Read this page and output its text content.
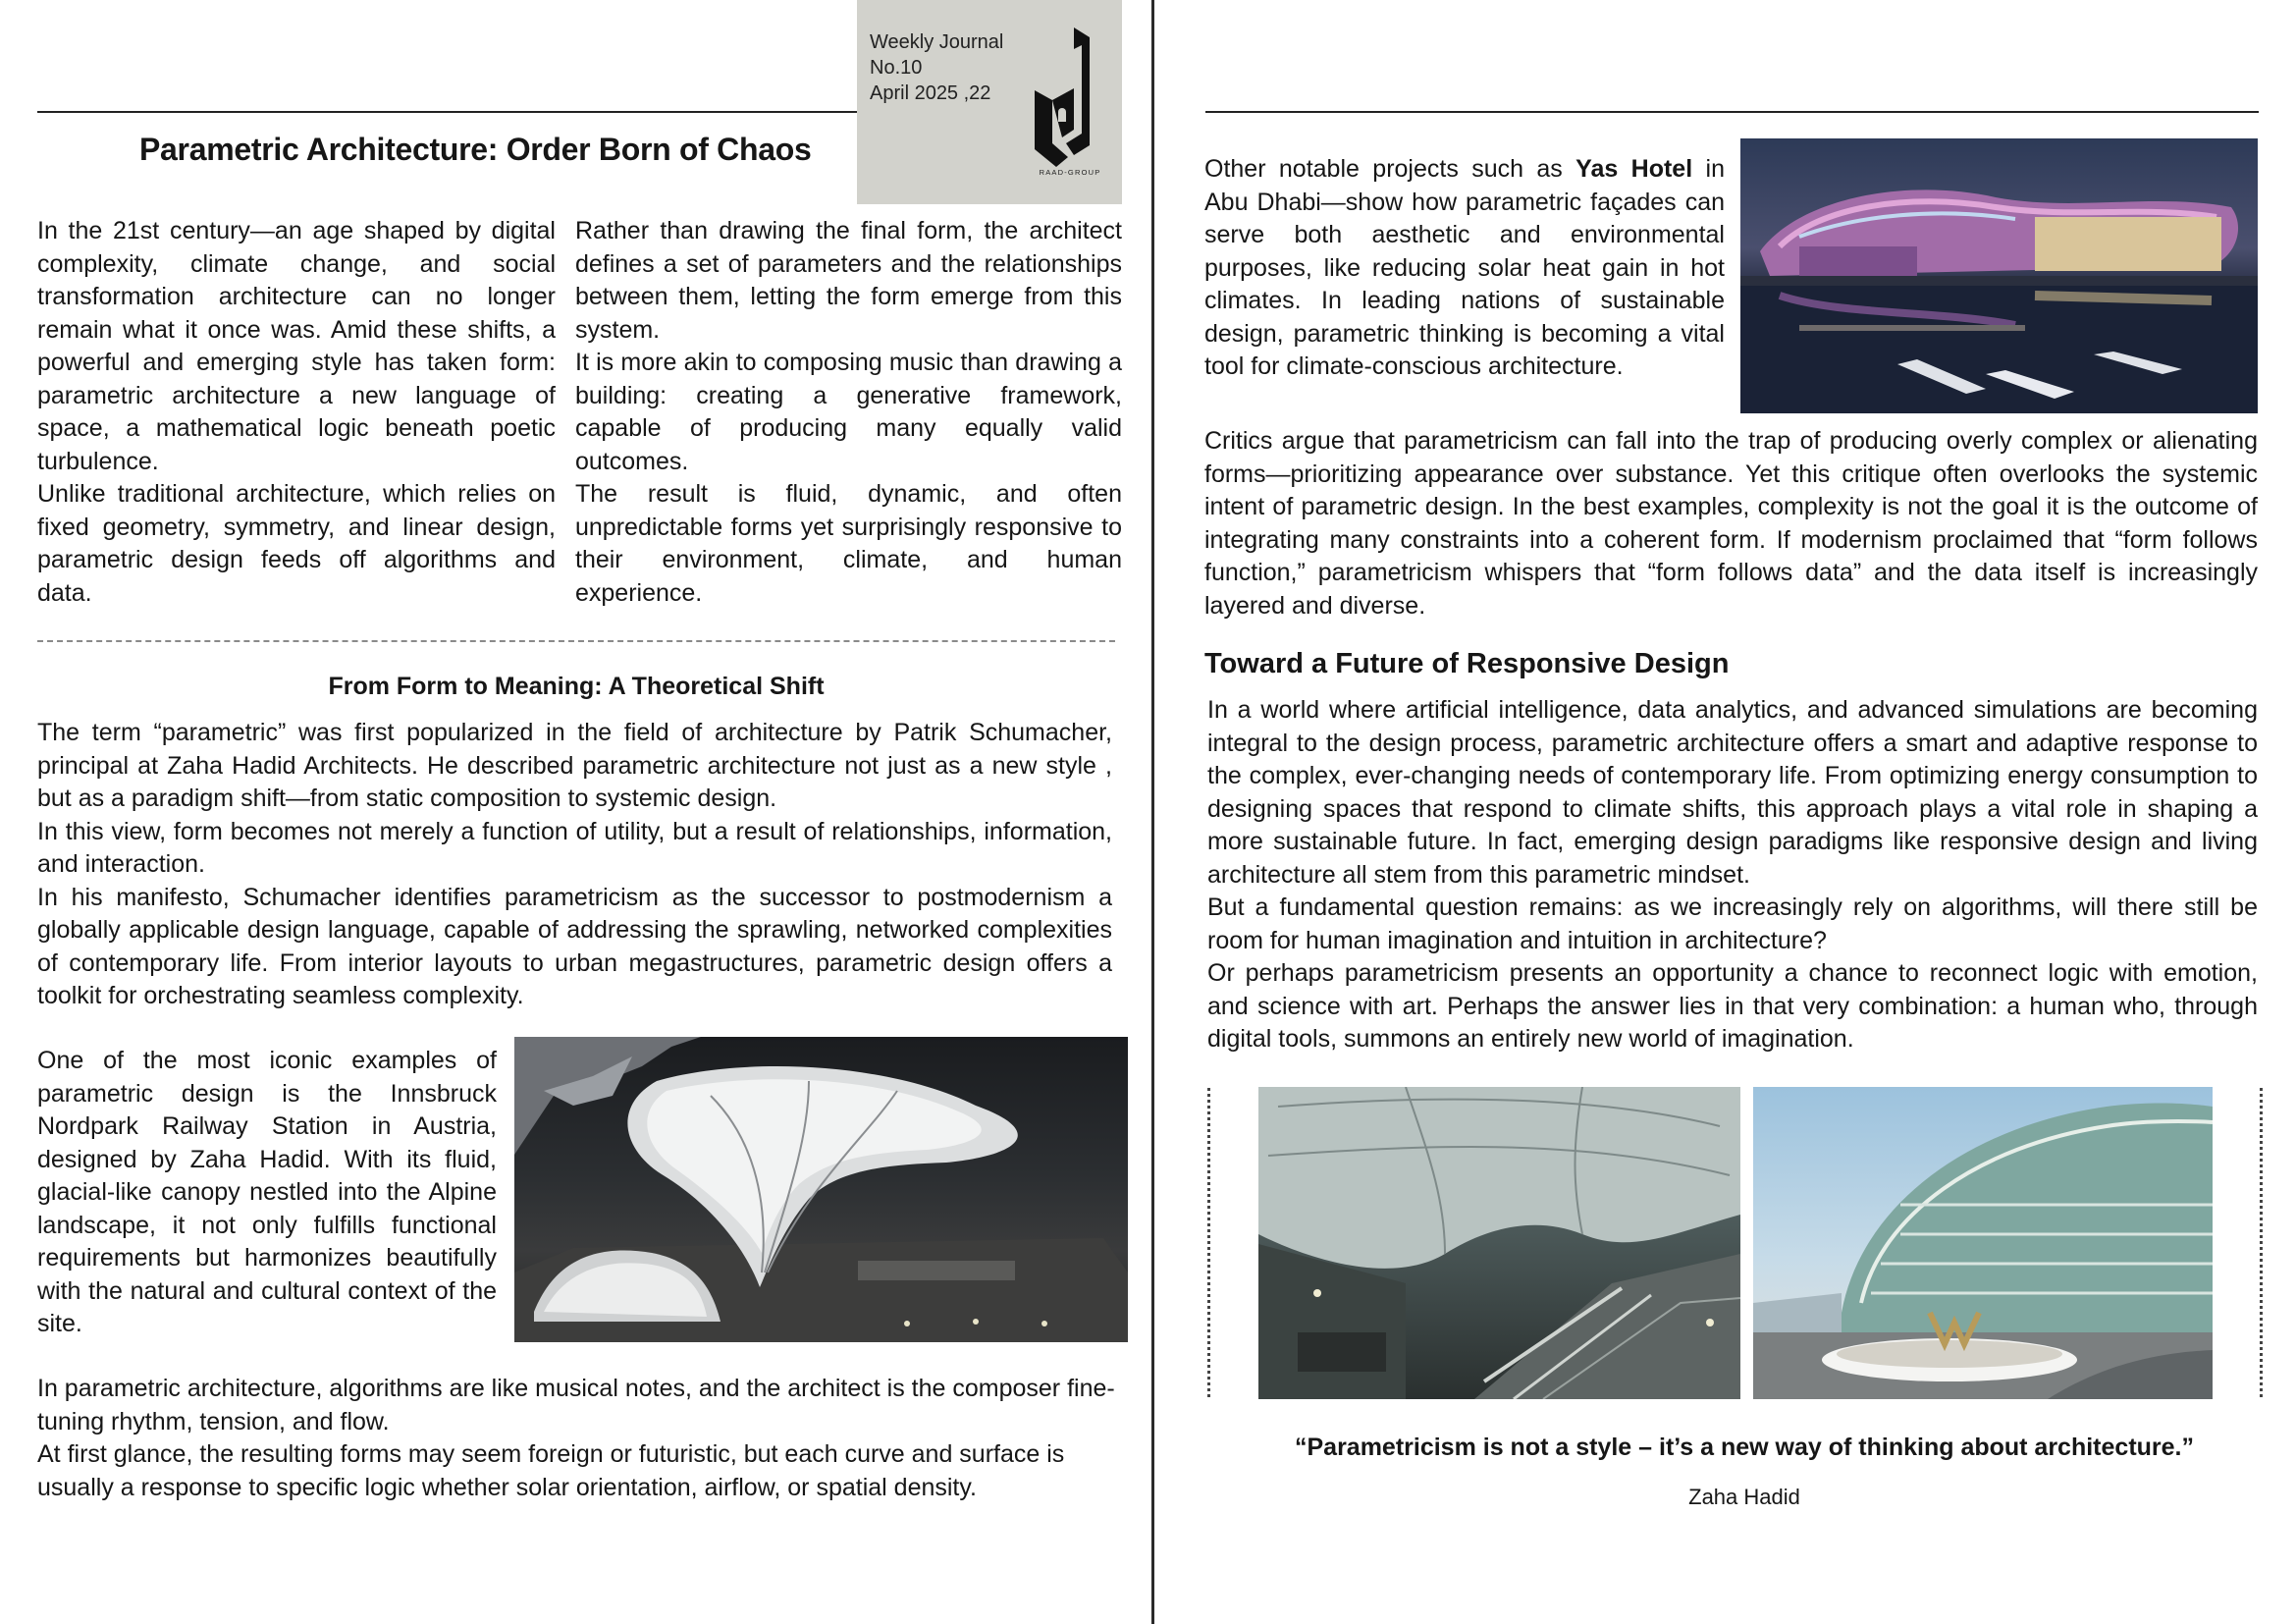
Weekly Journal
No.10
April 2025 ,22
RAAD-GROUP
Parametric Architecture: Order Born of Chaos

In the 21st century—an age shaped by digital complexity, climate change, and social transformation architecture can no longer remain what it once was. Amid these shifts, a powerful and emerging style has taken form: parametric architecture a new language of space, a mathematical logic beneath poetic turbulence.

Unlike traditional architecture, which relies on fixed geometry, symmetry, and linear design, parametric design feeds off algorithms and data.

Rather than drawing the final form, the architect defines a set of parameters and the relationships between them, letting the form emerge from this system.

It is more akin to composing music than drawing a building: creating a generative framework, capable of producing many equally valid outcomes.

The result is fluid, dynamic, and often unpredictable forms yet surprisingly responsive to their environment, climate, and human experience.

From Form to Meaning: A Theoretical Shift

The term “parametric” was first popularized in the field of architecture by Patrik Schumacher, principal at Zaha Hadid Architects. He described parametric architecture not just as a new style , but as a paradigm shift—from static composition to systemic design.

In this view, form becomes not merely a function of utility, but a result of relationships, information, and interaction.

In his manifesto, Schumacher identifies parametricism as the successor to postmodernism a globally applicable design language, capable of addressing the sprawling, networked complexities of contemporary life. From interior layouts to urban megastructures, parametric design offers a toolkit for orchestrating seamless complexity.

One of the most iconic examples of parametric design is the Innsbruck Nordpark Railway Station in Austria, designed by Zaha Hadid. With its fluid, glacial-like canopy nestled into the Alpine landscape, it not only fulfills functional requirements but harmonizes beautifully with the natural and cultural context of the site.

In parametric architecture, algorithms are like musical notes, and the architect is the composer fine-tuning rhythm, tension, and flow.

At first glance, the resulting forms may seem foreign or futuristic, but each curve and surface is usually a response to specific logic whether solar orientation, airflow, or spatial density.

Other notable projects such as Yas Hotel in Abu Dhabi—show how parametric façades can serve both aesthetic and environmental purposes, like reducing solar heat gain in hot climates. In leading nations of sustainable design, parametric thinking is becoming a vital tool for climate-conscious architecture.

Critics argue that parametricism can fall into the trap of producing overly complex or alienating forms—prioritizing appearance over substance. Yet this critique often overlooks the systemic intent of parametric design. In the best examples, complexity is not the goal it is the outcome of integrating many constraints into a coherent form. If modernism proclaimed that “form follows function,” parametricism whispers that “form follows data” and the data itself is increasingly layered and diverse.

Toward a Future of Responsive Design

In a world where artificial intelligence, data analytics, and advanced simulations are becoming integral to the design process, parametric architecture offers a smart and adaptive response to the complex, ever-changing needs of contemporary life. From optimizing energy consumption to designing spaces that respond to climate shifts, this approach plays a vital role in shaping a more sustainable future. In fact, emerging design paradigms like responsive design and living architecture all stem from this parametric mindset.

But a fundamental question remains: as we increasingly rely on algorithms, will there still be room for human imagination and intuition in architecture?

Or perhaps parametricism presents an opportunity a chance to reconnect logic with emotion, and science with art. Perhaps the answer lies in that very combination: a human who, through digital tools, summons an entirely new world of imagination.

“Parametricism is not a style – it’s a new way of thinking about architecture.”
Zaha Hadid
